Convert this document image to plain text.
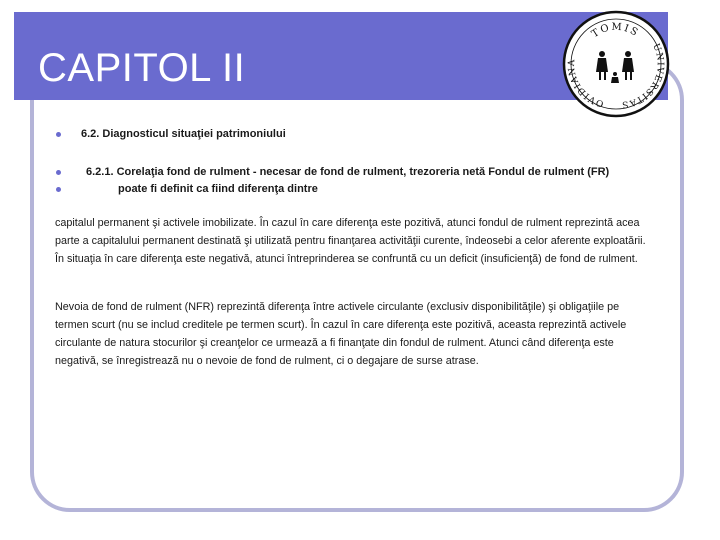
CAPITOL II
TOMIS
OVIDIANA
UNIVERSITAS
6.2. Diagnosticul situaţiei patrimoniului
6.2.1. Corelaţia fond de rulment - necesar de fond de rulment, trezoreria netă Fondul de rulment (FR)
poate fi definit ca fiind diferenţa dintre
capitalul permanent şi activele imobilizate. În cazul în care diferenţa este pozitivă, atunci fondul de rulment reprezintă acea parte a capitalului permanent destinată şi utilizată pentru finanţarea activităţii curente, îndeosebi a celor aferente exploatării. În situaţia în care diferenţa este negativă, atunci întreprinderea se confruntă cu un deficit (insuficienţă) de fond de rulment.
Nevoia de fond de rulment (NFR) reprezintă diferenţa între activele circulante (exclusiv disponibilităţile) şi obligaţiile pe termen scurt (nu se includ creditele pe termen scurt). În cazul în care diferenţa este pozitivă, aceasta reprezintă activele circulante de natura stocurilor şi creanţelor ce urmează a fi finanţate din fondul de rulment. Atunci când diferenţa este negativă, se înregistrează nu o nevoie de fond de rulment, ci o degajare de surse atrase.
